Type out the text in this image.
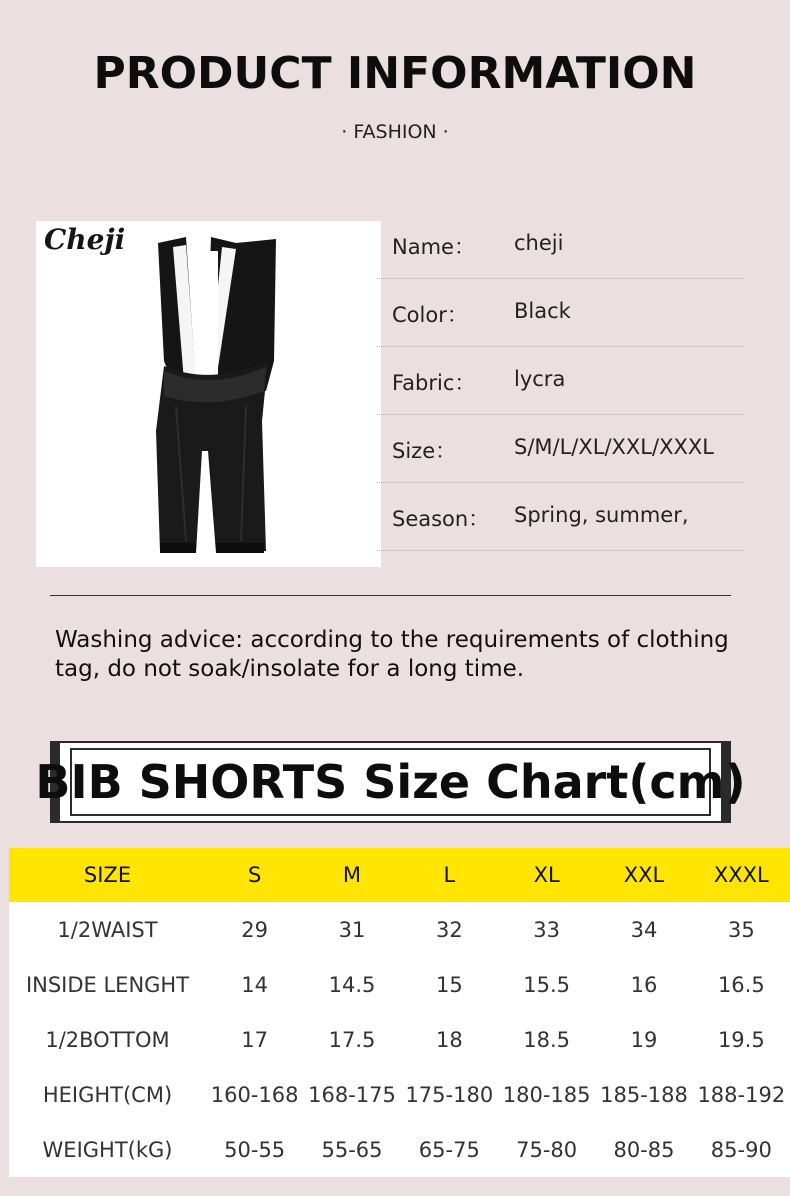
PRODUCT INFORMATION
· FASHION ·
Cheji	Name： cheji
Color： Black
Fabric： lycra
Size：	S/M/L/XL/XXL/XXXL
Season： Spring, summer,
Washing advice: according to the requirements of clothing tag, do not soak/insolate for a long time.
BIB SHORTS Size Chart(cm)
SIZE	S	M	L	XL	XXL	XXXL
1/2WAIST	29	31	32	33	34	35
INSIDE LENGHT	14	14.5	15	15.5	16	16.5
1/2BOTTOM	17	17.5	18	18.5	19	19.5
HEIGHT(CM)	160-168	168-175	175-180	180-185	185-188	188-192
WEIGHT(kG)	50-55	55-65	65-75	75-80	80-85	85-90
